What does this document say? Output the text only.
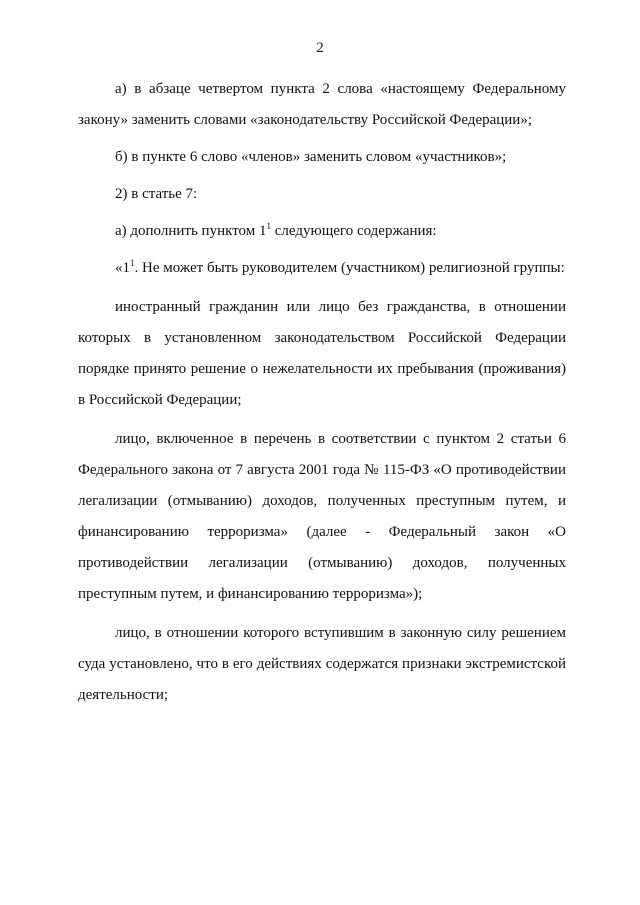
2

а) в абзаце четвертом пункта 2 слова «настоящему Федеральному закону» заменить словами «законодательству Российской Федерации»;

б) в пункте 6 слово «членов» заменить словом «участников»;

2) в статье 7:

а) дополнить пунктом $1^1$ следующего содержания:

«$1^1$. Не может быть руководителем (участником) религиозной группы:

иностранный гражданин или лицо без гражданства, в отношении которых в установленном законодательством Российской Федерации порядке принято решение о нежелательности их пребывания (проживания) в Российской Федерации;

лицо, включенное в перечень в соответствии с пунктом 2 статьи 6 Федерального закона от 7 августа 2001 года № 115-ФЗ «О противодействии легализации (отмыванию) доходов, полученных преступным путем, и финансированию терроризма» (далее - Федеральный закон «О противодействии легализации (отмыванию) доходов, полученных преступным путем, и финансированию терроризма»);

лицо, в отношении которого вступившим в законную силу решением суда установлено, что в его действиях содержатся признаки экстремистской деятельности;
